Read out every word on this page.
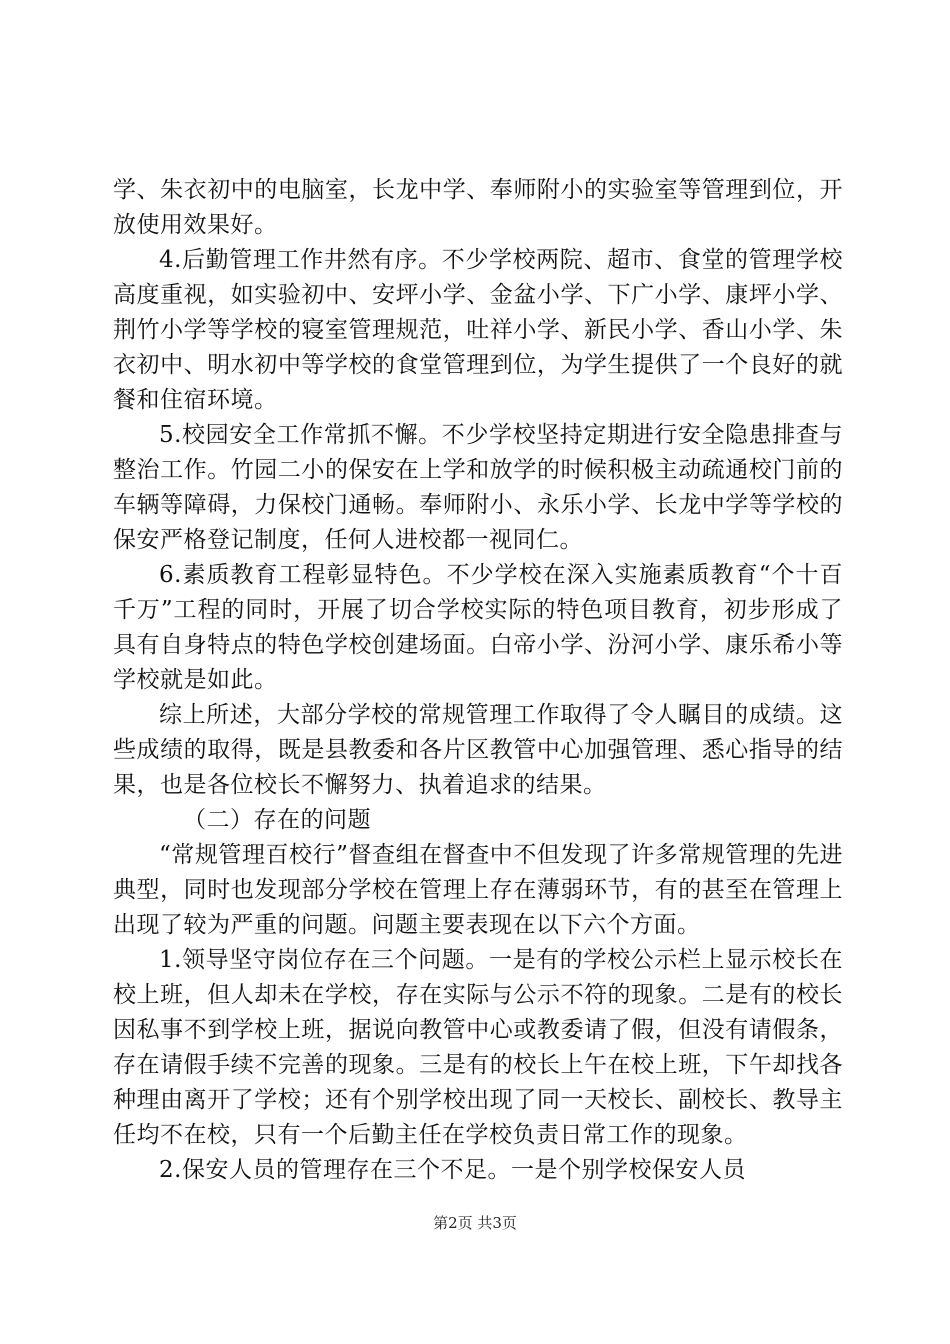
学、朱衣初中的电脑室，长龙中学、奉师附小的实验室等管理到位，开放使用效果好。

4.后勤管理工作井然有序。不少学校两院、超市、食堂的管理学校高度重视，如实验初中、安坪小学、金盆小学、下广小学、康坪小学、荆竹小学等学校的寝室管理规范，吐祥小学、新民小学、香山小学、朱衣初中、明水初中等学校的食堂管理到位，为学生提供了一个良好的就餐和住宿环境。

5.校园安全工作常抓不懈。不少学校坚持定期进行安全隐患排查与整治工作。竹园二小的保安在上学和放学的时候积极主动疏通校门前的车辆等障碍，力保校门通畅。奉师附小、永乐小学、长龙中学等学校的保安严格登记制度，任何人进校都一视同仁。

6.素质教育工程彰显特色。不少学校在深入实施素质教育“个十百千万”工程的同时，开展了切合学校实际的特色项目教育，初步形成了具有自身特点的特色学校创建场面。白帝小学、汾河小学、康乐希小等学校就是如此。

综上所述，大部分学校的常规管理工作取得了令人瞩目的成绩。这些成绩的取得，既是县教委和各片区教管中心加强管理、悉心指导的结果，也是各位校长不懈努力、执着追求的结果。

（二）存在的问题

“常规管理百校行”督查组在督查中不但发现了许多常规管理的先进典型，同时也发现部分学校在管理上存在薄弱环节，有的甚至在管理上出现了较为严重的问题。问题主要表现在以下六个方面。

1.领导坚守岗位存在三个问题。一是有的学校公示栏上显示校长在校上班，但人却未在学校，存在实际与公示不符的现象。二是有的校长因私事不到学校上班，据说向教管中心或教委请了假，但没有请假条，存在请假手续不完善的现象。三是有的校长上午在校上班，下午却找各种理由离开了学校；还有个别学校出现了同一天校长、副校长、教导主任均不在校，只有一个后勤主任在学校负责日常工作的现象。

2.保安人员的管理存在三个不足。一是个别学校保安人员

第2页 共3页
